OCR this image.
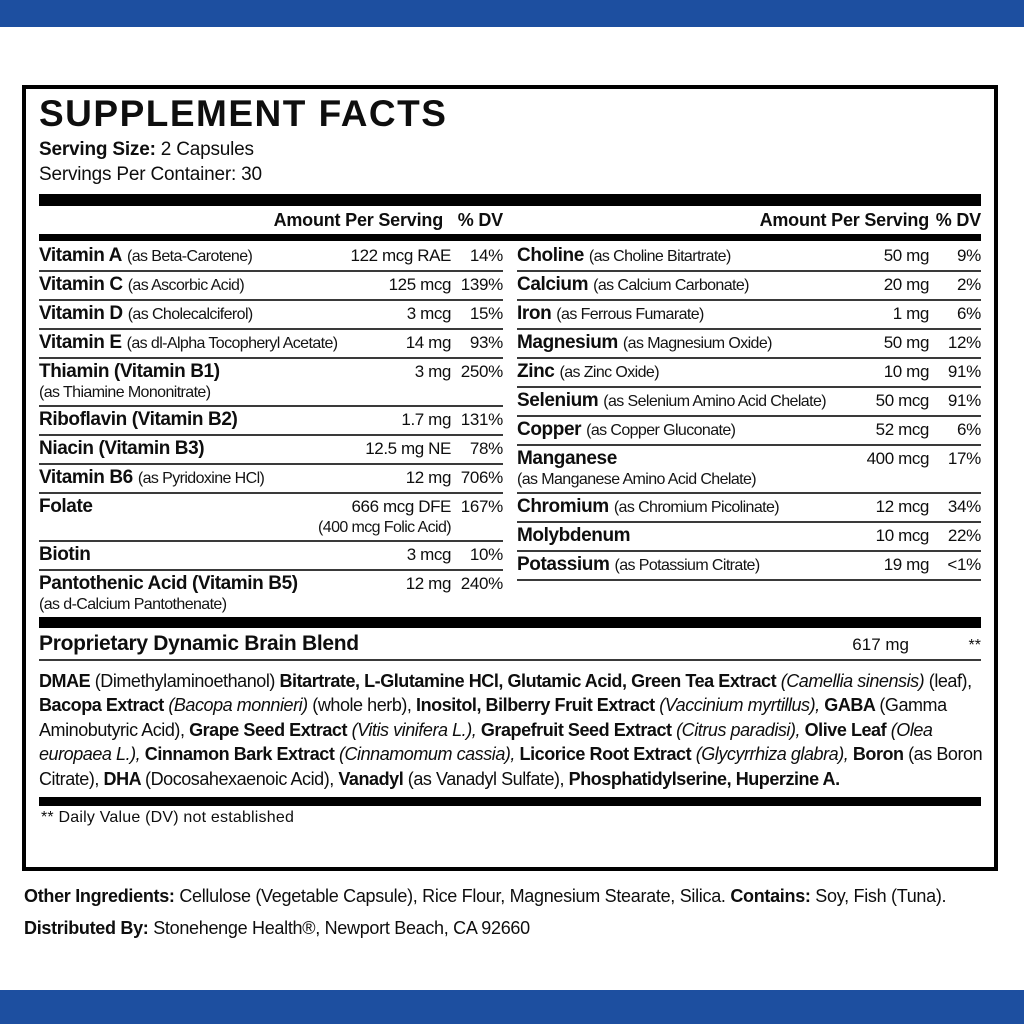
SUPPLEMENT FACTS
Serving Size: 2 Capsules
Servings Per Container: 30
Amount Per Serving % DV	Amount Per Serving % DV
Vitamin A (as Beta-Carotene)	122 mcg RAE	14%
Vitamin C (as Ascorbic Acid)	125 mcg 139%
Vitamin D (as Cholecalciferol)	3 mcg	15%
Vitamin E (as dl-Alpha Tocopheryl Acetate)	14 mg	93%
Thiamin (Vitamin B1)	3 mg 250%
(as Thiamine Mononitrate)
Riboflavin (Vitamin B2)	1.7 mg 131%
Niacin (Vitamin B3)	12.5 mg NE	78%
Vitamin B6 (as Pyridoxine HCl)	12 mg 706%
Folate	666 mcg DFE 167%
(400 mcg Folic Acid)
Biotin	3 mcg	10%
Pantothenic Acid (Vitamin B5)	12 mg 240%
(as d-Calcium Pantothenate)
Choline (as Choline Bitartrate)	50 mg	9%
Calcium (as Calcium Carbonate)	20 mg	2%
Iron (as Ferrous Fumarate)	1 mg	6%
Magnesium (as Magnesium Oxide)	50 mg	12%
Zinc (as Zinc Oxide)	10 mg	91%
Selenium (as Selenium Amino Acid Chelate)	50 mcg	91%
Copper (as Copper Gluconate)	52 mcg	6%
Manganese	400 mcg	17%
(as Manganese Amino Acid Chelate)
Chromium (as Chromium Picolinate)	12 mcg	34%
Molybdenum	10 mcg	22%
Potassium (as Potassium Citrate)	19 mg	<1%
Proprietary Dynamic Brain Blend	617 mg	**
DMAE (Dimethylaminoethanol) Bitartrate, L-Glutamine HCl, Glutamic Acid, Green Tea Extract (Camellia sinensis) (leaf), Bacopa Extract (Bacopa monnieri) (whole herb), Inositol, Bilberry Fruit Extract (Vaccinium myrtillus), GABA (Gamma Aminobutyric Acid), Grape Seed Extract (Vitis vinifera L.), Grapefruit Seed Extract (Citrus paradisi), Olive Leaf (Olea europaea L.), Cinnamon Bark Extract (Cinnamomum cassia), Licorice Root Extract (Glycyrrhiza glabra), Boron (as Boron Citrate), DHA (Docosahexaenoic Acid), Vanadyl (as Vanadyl Sulfate), Phosphatidylserine, Huperzine A.
** Daily Value (DV) not established
Other Ingredients: Cellulose (Vegetable Capsule), Rice Flour, Magnesium Stearate, Silica. Contains: Soy, Fish (Tuna).
Distributed By: Stonehenge Health®, Newport Beach, CA 92660
